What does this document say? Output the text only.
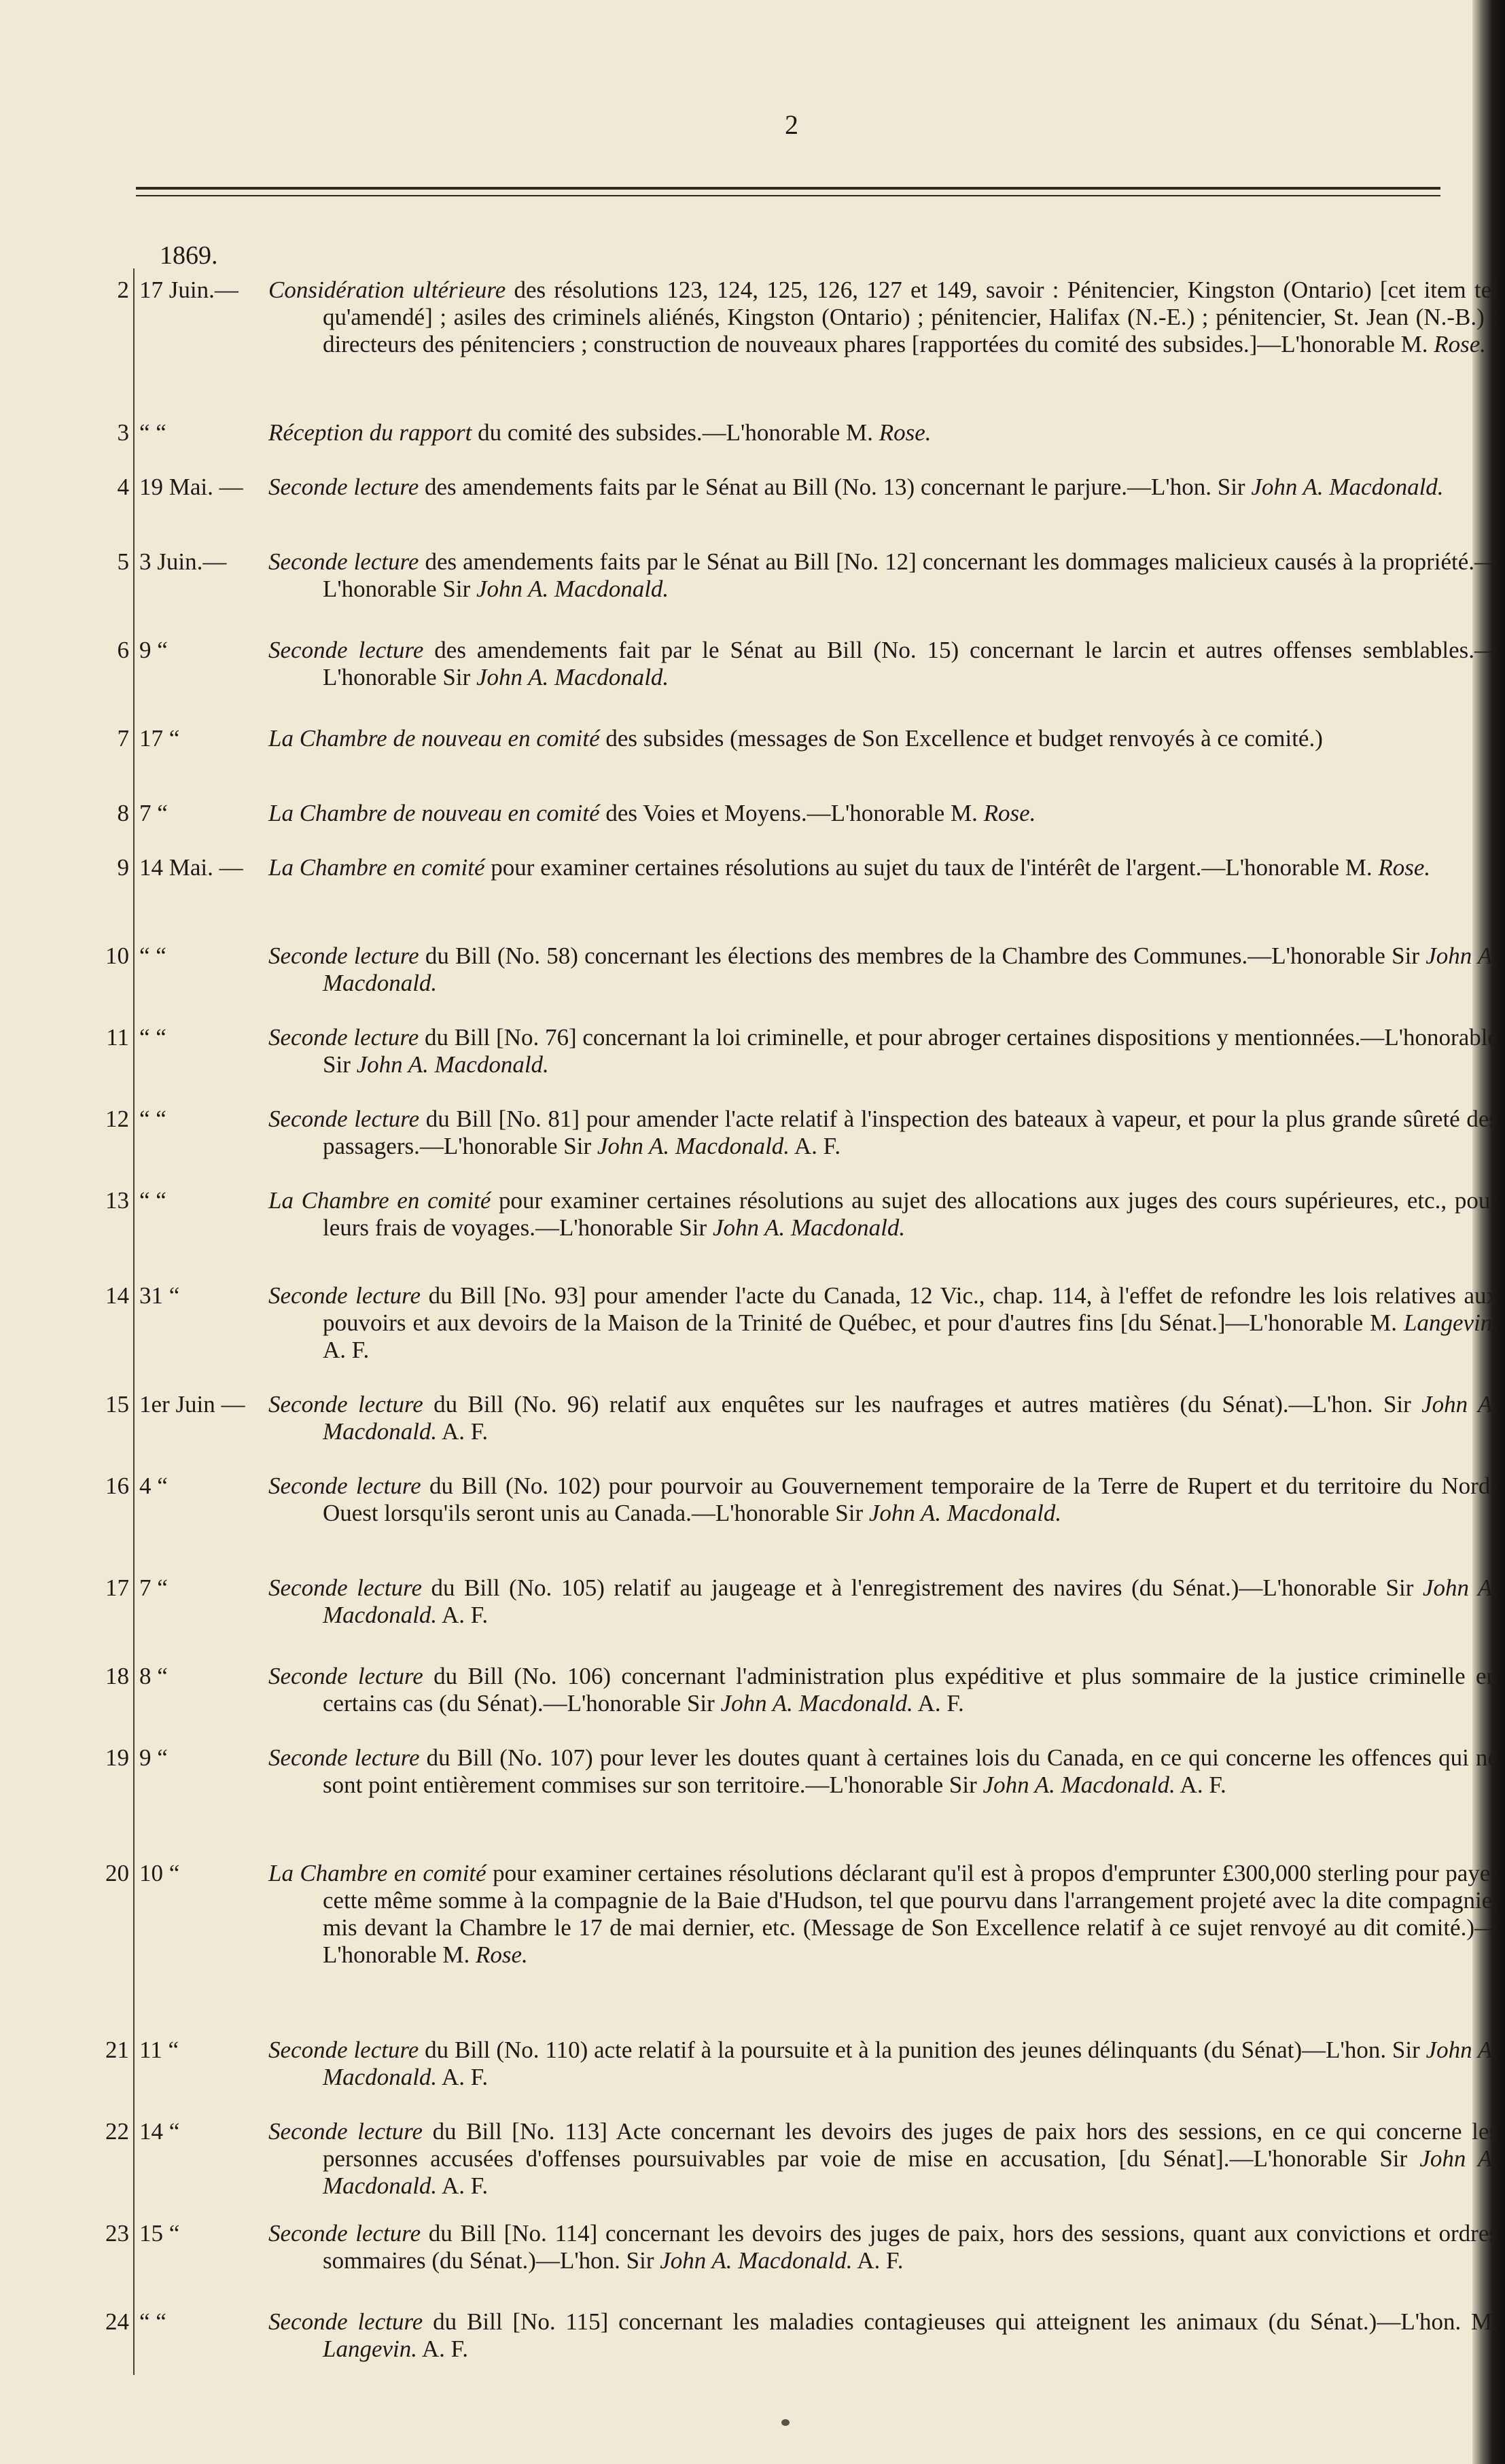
2
1869.
2 17 Juin.—	Considération ultérieure des résolutions 123, 124, 125, 126, 127 et 149, savoir : Pénitencier, Kingston (Ontario) [cet item tel qu'amendé] ; asiles des criminels aliénés, Kingston (Ontario) ; pénitencier, Halifax (N.-E.) ; pénitencier, St. Jean (N.-B.) ; directeurs des pénitenciers ; construction de nouveaux phares [rapportées du comité des subsides.]—L'honorable M. Rose.
3 “ “	Réception du rapport du comité des subsides.—L'honorable M. Rose.
4 19 Mai. —	Seconde lecture des amendements faits par le Sénat au Bill (No. 13) concernant le parjure.—L'hon. Sir John A. Macdonald.
5 3 Juin.—	Seconde lecture des amendements faits par le Sénat au Bill [No. 12] concernant les dommages malicieux causés à la propriété.—L'honorable Sir John A. Macdonald.
6 9 “	Seconde lecture des amendements fait par le Sénat au Bill (No. 15) concernant le larcin et autres offenses semblables.—L'honorable Sir John A. Macdonald.
7 17 “	La Chambre de nouveau en comité des subsides (messages de Son Excellence et budget renvoyés à ce comité.)
8 7 “	La Chambre de nouveau en comité des Voies et Moyens.—L'honorable M. Rose.
9 14 Mai. —	La Chambre en comité pour examiner certaines résolutions au sujet du taux de l'intérêt de l'argent.—L'honorable M. Rose.
10 “ “	Seconde lecture du Bill (No. 58) concernant les élections des membres de la Chambre des Communes.—L'honorable Sir John A. Macdonald.
11 “ “	Seconde lecture du Bill [No. 76] concernant la loi criminelle, et pour abroger certaines dispositions y mentionnées.—L'honorable Sir John A. Macdonald.
12 “ “	Seconde lecture du Bill [No. 81] pour amender l'acte relatif à l'inspection des bateaux à vapeur, et pour la plus grande sûreté des passagers.—L'honorable Sir John A. Macdonald. A. F.
13 “ “	La Chambre en comité pour examiner certaines résolutions au sujet des allocations aux juges des cours supérieures, etc., pour leurs frais de voyages.—L'honorable Sir John A. Macdonald.
14 31 “	Seconde lecture du Bill [No. 93] pour amender l'acte du Canada, 12 Vic., chap. 114, à l'effet de refondre les lois relatives aux pouvoirs et aux devoirs de la Maison de la Trinité de Québec, et pour d'autres fins [du Sénat.]—L'honorable M. Langevin. A. F.
15 1er Juin — Seconde lecture du Bill (No. 96) relatif aux enquêtes sur les naufrages et autres matières (du Sénat).—L'hon. Sir John A. Macdonald. A. F.
16 4 “	Seconde lecture du Bill (No. 102) pour pourvoir au Gouvernement temporaire de la Terre de Rupert et du territoire du Nord-Ouest lorsqu'ils seront unis au Canada.—L'honorable Sir John A. Macdonald.
17 7 “	Seconde lecture du Bill (No. 105) relatif au jaugeage et à l'enregistrement des navires (du Sénat.)—L'honorable Sir John A. Macdonald. A. F.
18 8 “	Seconde lecture du Bill (No. 106) concernant l'administration plus expéditive et plus sommaire de la justice criminelle en certains cas (du Sénat).—L'honorable Sir John A. Macdonald. A. F.
19 9 “	Seconde lecture du Bill (No. 107) pour lever les doutes quant à certaines lois du Canada, en ce qui concerne les offences qui ne sont point entièrement commises sur son territoire.—L'honorable Sir John A. Macdonald. A. F.
20 10 “	La Chambre en comité pour examiner certaines résolutions déclarant qu'il est à propos d'emprunter £300,000 sterling pour payer cette même somme à la compagnie de la Baie d'Hudson, tel que pourvu dans l'arrangement projeté avec la dite compagnie, mis devant la Chambre le 17 de mai dernier, etc. (Message de Son Excellence relatif à ce sujet renvoyé au dit comité.)—L'honorable M. Rose.
21 11 “	Seconde lecture du Bill (No. 110) acte relatif à la poursuite et à la punition des jeunes délinquants (du Sénat)—L'hon. Sir John A. Macdonald. A. F.
22 14 “	Seconde lecture du Bill [No. 113] Acte concernant les devoirs des juges de paix hors des sessions, en ce qui concerne les personnes accusées d'offenses poursuivables par voie de mise en accusation, [du Sénat].—L'honorable Sir John A. Macdonald. A. F.
23 15 “	Seconde lecture du Bill [No. 114] concernant les devoirs des juges de paix, hors des sessions, quant aux convictions et ordres sommaires (du Sénat.)—L'hon. Sir John A. Macdonald. A. F.
24 “ “	Seconde lecture du Bill [No. 115] concernant les maladies contagieuses qui atteignent les animaux (du Sénat.)—L'hon. M. Langevin. A. F.
